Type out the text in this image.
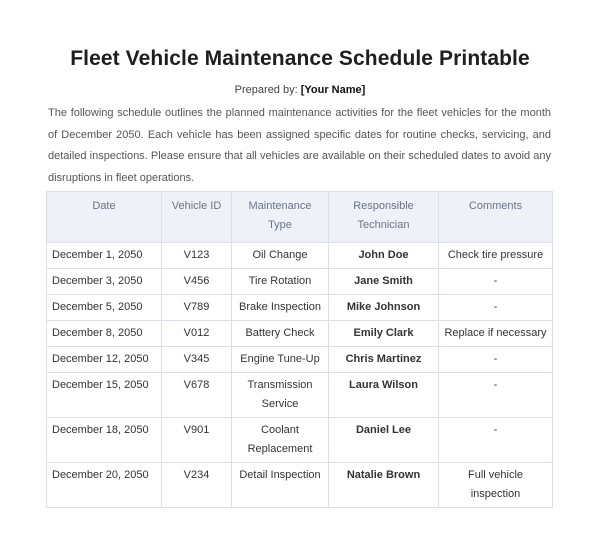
Fleet Vehicle Maintenance Schedule Printable
Prepared by: [Your Name]
The following schedule outlines the planned maintenance activities for the fleet vehicles for the month of December 2050. Each vehicle has been assigned specific dates for routine checks, servicing, and detailed inspections. Please ensure that all vehicles are available on their scheduled dates to avoid any disruptions in fleet operations.
Date	Vehicle ID	Maintenance Type	Responsible Technician	Comments
December 1, 2050	V123	Oil Change	John Doe	Check tire pressure
December 3, 2050	V456	Tire Rotation	Jane Smith	-
December 5, 2050	V789	Brake Inspection	Mike Johnson	-
December 8, 2050	V012	Battery Check	Emily Clark	Replace if necessary
December 12, 2050	V345	Engine Tune-Up	Chris Martinez	-
December 15, 2050	V678	Transmission Service	Laura Wilson	-
December 18, 2050	V901	Coolant Replacement	Daniel Lee	-
December 20, 2050	V234	Detail Inspection	Natalie Brown	Full vehicle inspection
